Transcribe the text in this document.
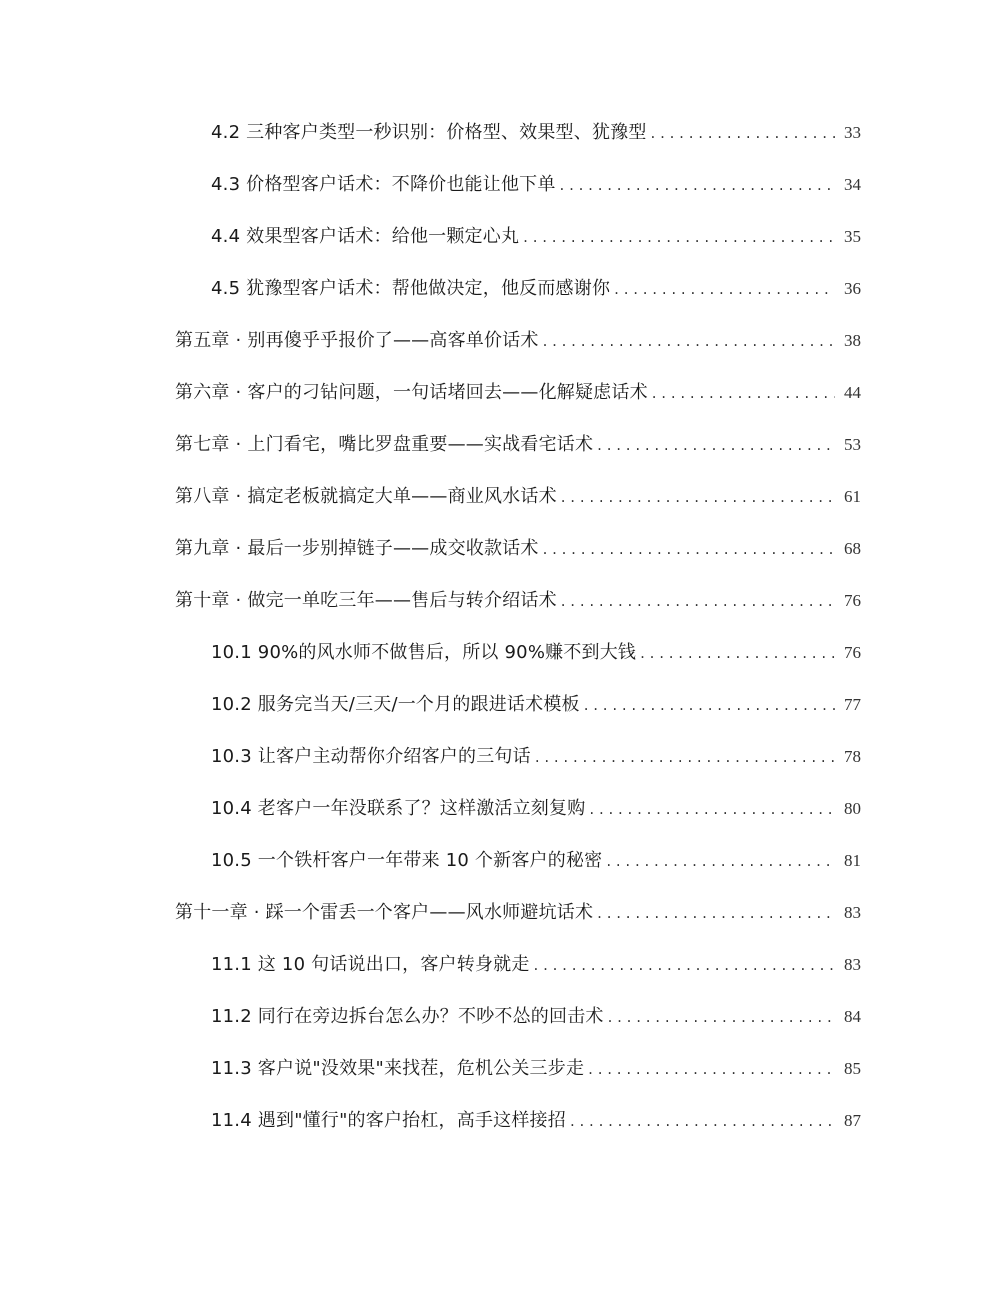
4.2 三种客户类型一秒识别：价格型、效果型、犹豫型 . . .	33
4.3 价格型客户话术：不降价也能让他下单 . . .	34
4.4 效果型客户话术：给他一颗定心丸 . . .	35
4.5 犹豫型客户话术：帮他做决定，他反而感谢你 . . .	36
第五章 · 别再傻乎乎报价了——高客单价话术 . . .	38
第六章 · 客户的刁钻问题，一句话堵回去——化解疑虑话术 . . .	44
第七章 · 上门看宅，嘴比罗盘重要——实战看宅话术 . . .	53
第八章 · 搞定老板就搞定大单——商业风水话术 . . .	61
第九章 · 最后一步别掉链子——成交收款话术 . . .	68
第十章 · 做完一单吃三年——售后与转介绍话术 . . .	76
10.1 90%的风水师不做售后，所以 90%赚不到大钱 . . .	76
10.2 服务完当天/三天/一个月的跟进话术模板 . . .	77
10.3 让客户主动帮你介绍客户的三句话 . . .	78
10.4 老客户一年没联系了？这样激活立刻复购 . . .	80
10.5 一个铁杆客户一年带来 10 个新客户的秘密 . . .	81
第十一章 · 踩一个雷丢一个客户——风水师避坑话术 . . .	83
11.1 这 10 句话说出口，客户转身就走 . . .	83
11.2 同行在旁边拆台怎么办？不吵不怂的回击术 . . .	84
11.3 客户说"没效果"来找茬，危机公关三步走 . . .	85
11.4 遇到"懂行"的客户抬杠，高手这样接招 . . .	87
